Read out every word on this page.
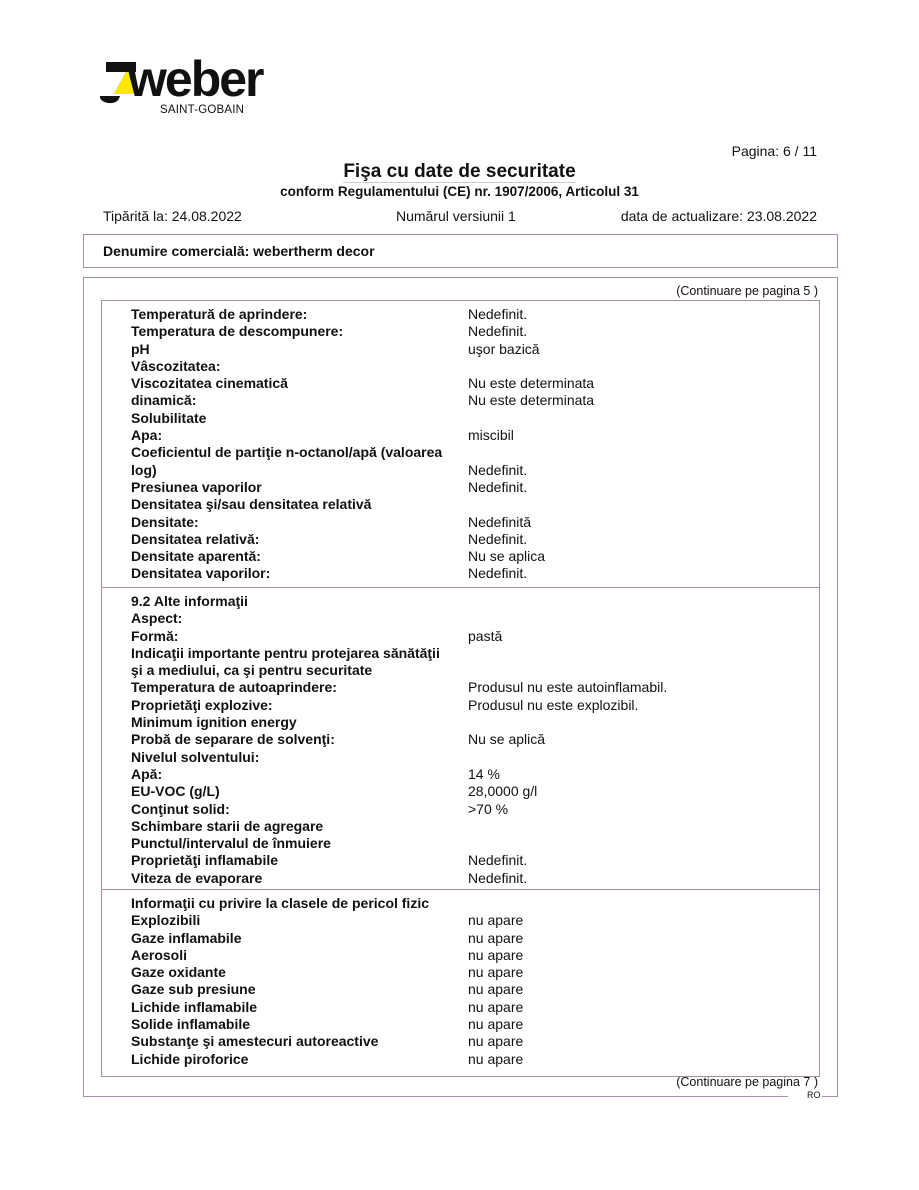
weber
SAINT-GOBAIN
Pagina: 6 / 11
Fişa cu date de securitate
conform Regulamentului (CE) nr. 1907/2006, Articolul 31
Tipărită la: 24.08.2022	Numărul versiunii 1	data de actualizare: 23.08.2022
Denumire comercială: webertherm decor
(Continuare pe pagina 5 )
(Continuare pe pagina 7 )
RO
Temperatură de aprindere:	Nedefinit.
Temperatura de descompunere:	Nedefinit.
pH	uşor bazică
Vâscozitatea:
Viscozitatea cinematică	Nu este determinata
dinamică:	Nu este determinata
Solubilitate
Apa:	miscibil
Coeficientul de partiţie n-octanol/apă (valoarea
log)	Nedefinit.
Presiunea vaporilor	Nedefinit.
Densitatea şi/sau densitatea relativă
Densitate:	Nedefinită
Densitatea relativă:	Nedefinit.
Densitate aparentă:	Nu se aplica
Densitatea vaporilor:	Nedefinit.
9.2 Alte informaţii
Aspect:
Formă:	pastă
Indicaţii importante pentru protejarea sănătăţii
şi a mediului, ca şi pentru securitate
Temperatura de autoaprindere:	Produsul nu este autoinflamabil.
Proprietăţi explozive:	Produsul nu este explozibil.
Minimum ignition energy
Probă de separare de solvenţi:	Nu se aplică
Nivelul solventului:
Apă:	14 %
EU-VOC (g/L)	28,0000 g/l
Conţinut solid:	>70 %
Schimbare starii de agregare
Punctul/intervalul de înmuiere
Proprietăţi inflamabile	Nedefinit.
Viteza de evaporare	Nedefinit.
Informaţii cu privire la clasele de pericol fizic
Explozibili	nu apare
Gaze inflamabile	nu apare
Aerosoli	nu apare
Gaze oxidante	nu apare
Gaze sub presiune	nu apare
Lichide inflamabile	nu apare
Solide inflamabile	nu apare
Substanţe şi amestecuri autoreactive	nu apare
Lichide piroforice	nu apare
